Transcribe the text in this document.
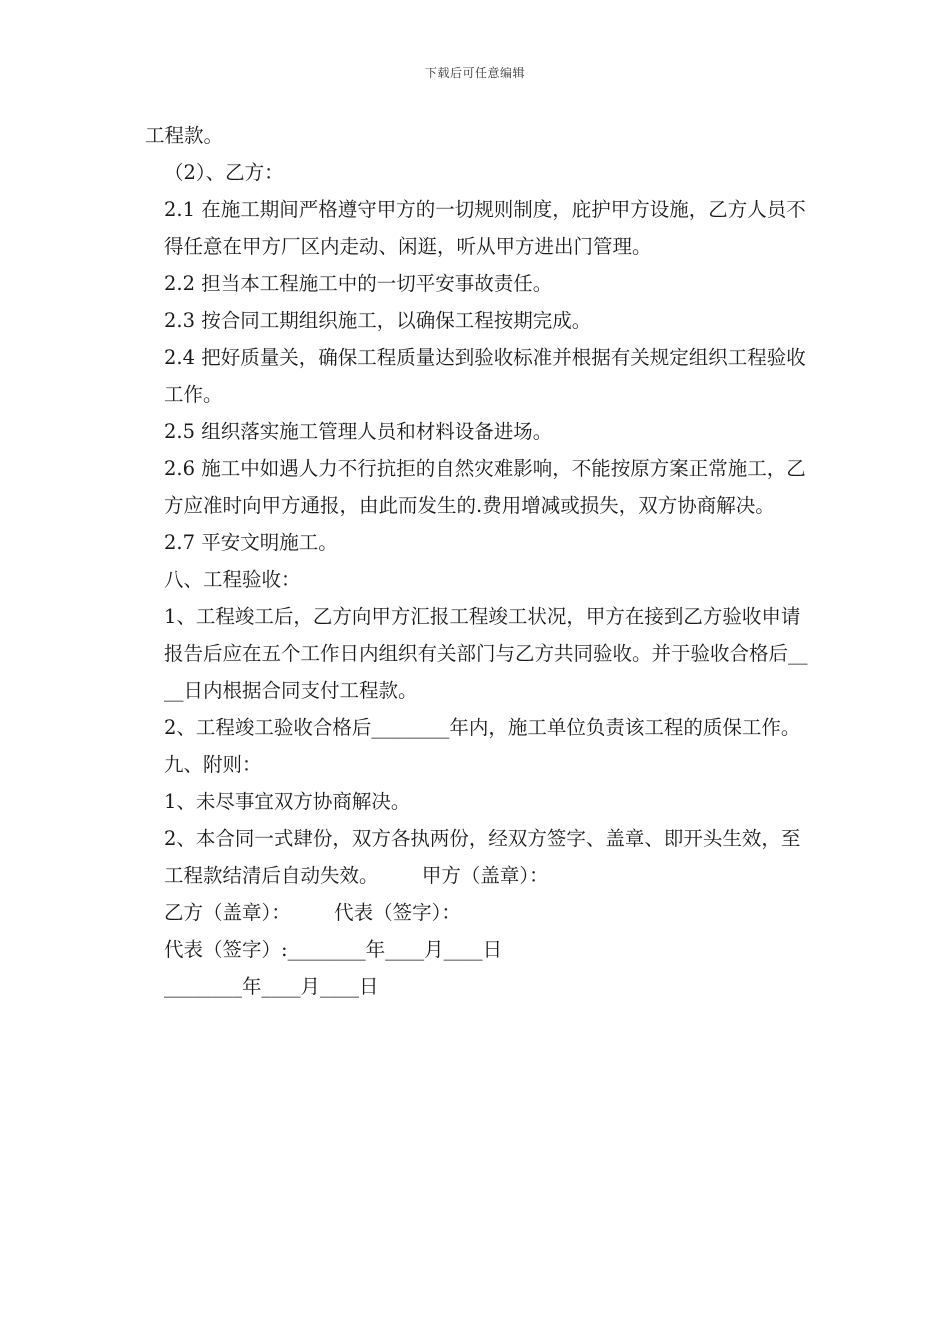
下载后可任意编辑

工程款。

（2）、乙方：

2.1 在施工期间严格遵守甲方的一切规则制度，庇护甲方设施，乙方人员不得任意在甲方厂区内走动、闲逛，听从甲方进出门管理。

2.2 担当本工程施工中的一切平安事故责任。

2.3 按合同工期组织施工，以确保工程按期完成。

2.4 把好质量关，确保工程质量达到验收标准并根据有关规定组织工程验收工作。

2.5 组织落实施工管理人员和材料设备进场。

2.6 施工中如遇人力不行抗拒的自然灾难影响，不能按原方案正常施工，乙方应准时向甲方通报，由此而发生的.费用增减或损失，双方协商解决。

2.7 平安文明施工。

八、工程验收：

1、工程竣工后，乙方向甲方汇报工程竣工状况，甲方在接到乙方验收申请报告后应在五个工作日内组织有关部门与乙方共同验收。并于验收合格后____日内根据合同支付工程款。

2、工程竣工验收合格后________年内，施工单位负责该工程的质保工作。

九、附则：

1、未尽事宜双方协商解决。

2、本合同一式肆份，双方各执两份，经双方签字、盖章、即开头生效，至工程款结清后自动失效。       甲方（盖章）：

乙方（盖章）：       代表（签字）：

代表（签字）:________年____月____日

________年____月____日
